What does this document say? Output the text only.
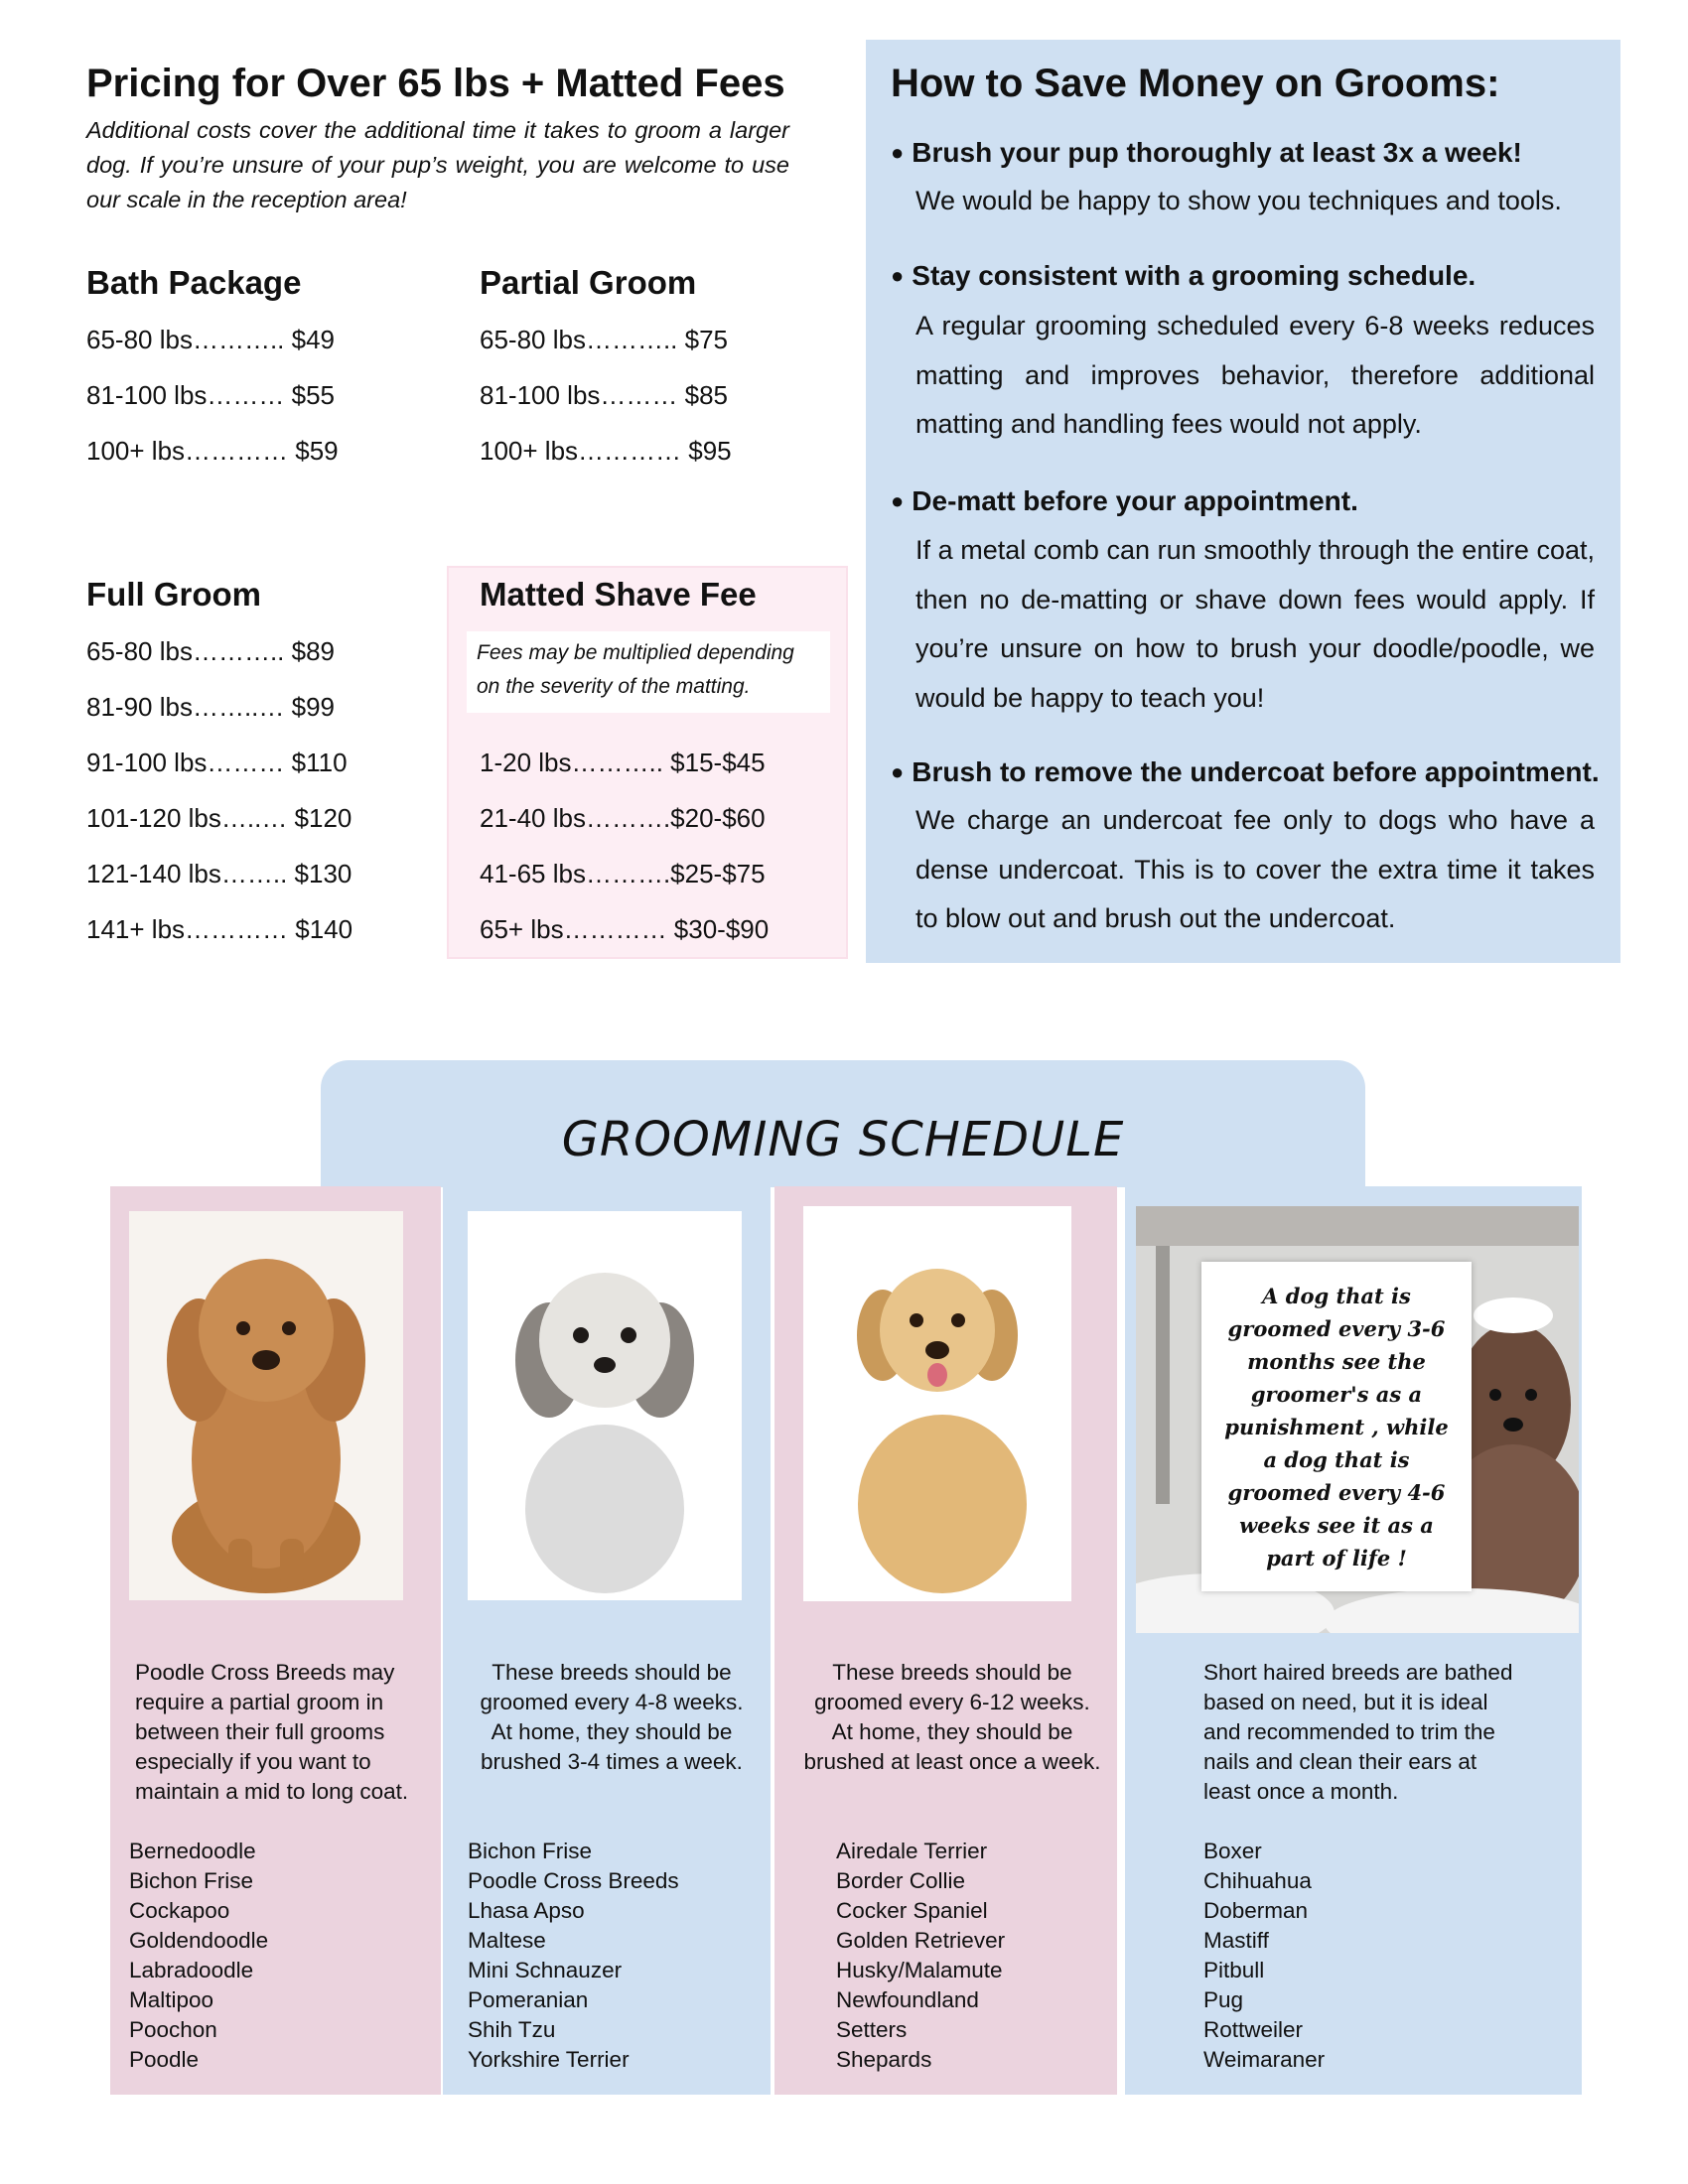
Pricing for Over 65 lbs + Matted Fees
Additional costs cover the additional time it takes to groom a larger dog. If you’re unsure of your pup’s weight, you are welcome to use our scale in the reception area!
Bath Package
65-80 lbs……….. $49
81-100 lbs……… $55
100+ lbs………… $59
Partial Groom
65-80 lbs……….. $75
81-100 lbs……… $85
100+ lbs………… $95
Full Groom
65-80 lbs……….. $89
81-90 lbs……..… $99
91-100 lbs……… $110
101-120 lbs…..… $120
121-140 lbs…….. $130
141+ lbs………… $140
Matted Shave Fee
Fees may be multiplied depending on the severity of the matting.
1-20 lbs……….. $15-$45
21-40 lbs……….$20-$60
41-65 lbs……….$25-$75
65+ lbs………… $30-$90
How to Save Money on Grooms:
● Brush your pup thoroughly at least 3x a week!
We would be happy to show you techniques and tools.
● Stay consistent with a grooming schedule.
A regular grooming scheduled every 6-8 weeks reduces matting and improves behavior, therefore additional matting and handling fees would not apply.
● De-matt before your appointment.
If a metal comb can run smoothly through the entire coat, then no de-matting or shave down fees would apply. If you’re unsure on how to brush your doodle/poodle, we would be happy to teach you!
● Brush to remove the undercoat before appointment.
We charge an undercoat fee only to dogs who have a dense undercoat. This is to cover the extra time it takes to blow out and brush out the undercoat.
GROOMING SCHEDULE
Poodle Cross Breeds may
require a partial groom in
between their full grooms
especially if you want to
maintain a mid to long coat.
Bernedoodle
Bichon Frise
Cockapoo
Goldendoodle
Labradoodle
Maltipoo
Poochon
Poodle
These breeds should be
groomed every 4-8 weeks.
At home, they should be
brushed 3-4 times a week.
Bichon Frise
Poodle Cross Breeds
Lhasa Apso
Maltese
Mini Schnauzer
Pomeranian
Shih Tzu
Yorkshire Terrier
These breeds should be
groomed every 6-12 weeks.
At home, they should be
brushed at least once a week.
Airedale Terrier
Border Collie
Cocker Spaniel
Golden Retriever
Husky/Malamute
Newfoundland
Setters
Shepards
A dog that is
groomed every 3-6
months see the
groomer's as a
punishment , while
a dog that is
groomed every 4-6
weeks see it as a
part of life !
Short haired breeds are bathed
based on need, but it is ideal
and recommended to trim the
nails and clean their ears at
least once a month.
Boxer
Chihuahua
Doberman
Mastiff
Pitbull
Pug
Rottweiler
Weimaraner
